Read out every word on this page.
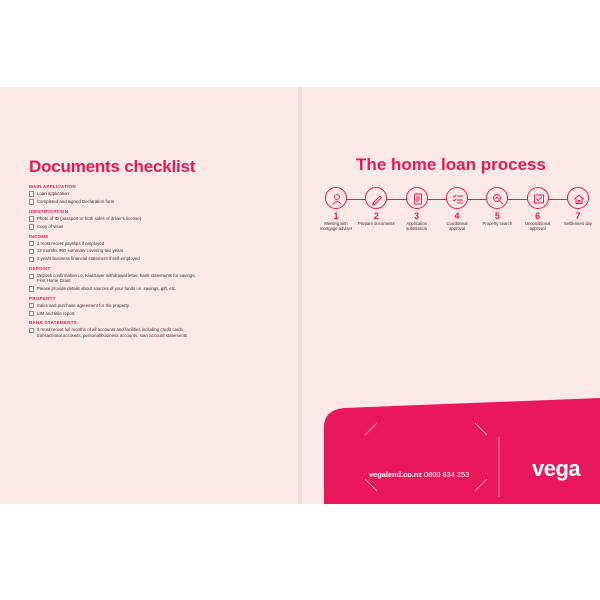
Documents checklist
MAIN APPLICATION
Loan application
Completed and signed Declaration form
IDENTIFICATION
Photo of ID (passport or both sides of driver's license)
Copy of visas
INCOME
3 most recent payslips if employed
12 months IRD summary covering two years
2 years business financial statement if self-employed
DEPOSIT
Deposit confirmation i.e. KiwiSaver withdrawal letter, bank statements for savings, First Home Grant
Please provide details about sources of your funds i.e. savings, gift, etc.
PROPERTY
Sales and purchase agreement for the property
LIM and titile report
BANK STATEMENTS
3 most recent full months of all accounts and facilities including credit cards, transactional accounts, personal/business accounts, loan account statements
The home loan process
1
Meeting with mortgage adviser
2
Prepare documents
3
Application submission
4
Conditional approval
5
Property search
6
Unconditional approval
7
Settlement day
vegalend.co.nz 0800 834 253	vega
